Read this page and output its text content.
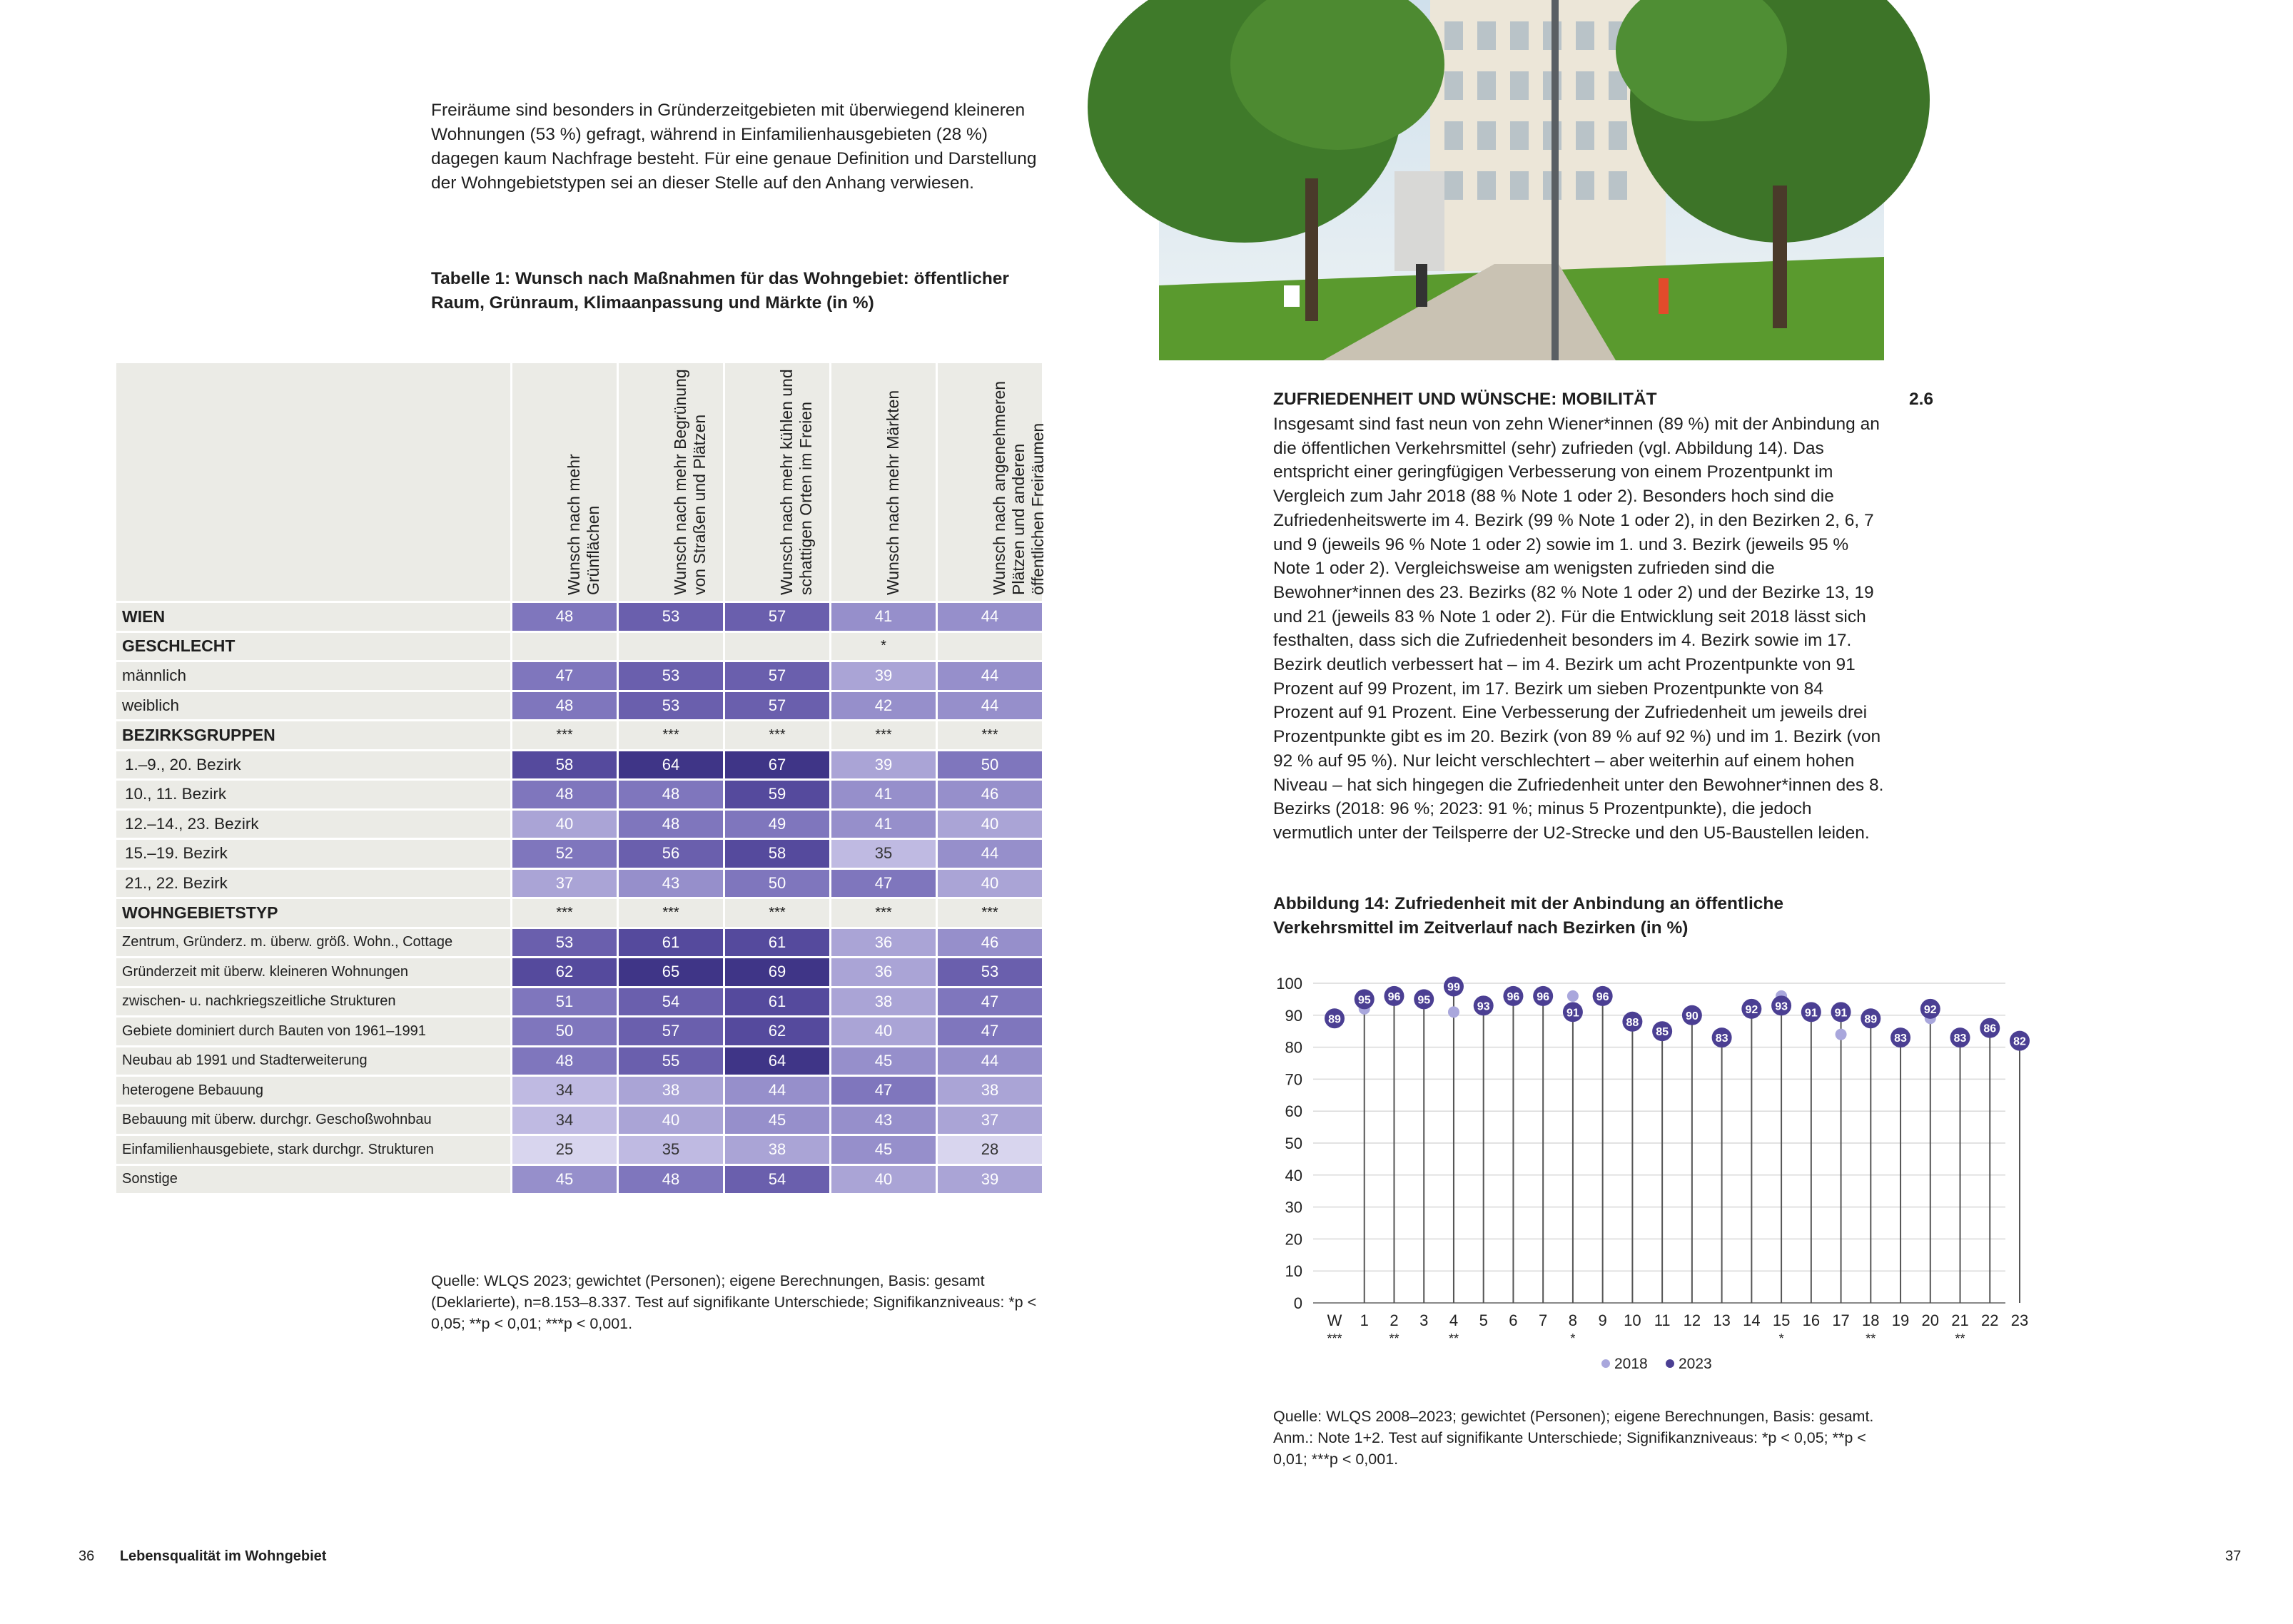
Freiräume sind besonders in Gründerzeitgebieten mit überwiegend kleineren Wohnungen (53 %) gefragt, während in Einfamilienhausgebieten (28 %) dagegen kaum Nachfrage besteht. Für eine genaue Definition und Darstellung der Wohngebietstypen sei an dieser Stelle auf den Anhang verwiesen.
Tabelle 1: Wunsch nach Maßnahmen für das Wohngebiet: öffentlicher Raum, Grünraum, Klimaanpassung und Märkte (in %)

	Wunsch nach mehr Grünflächen	Wunsch nach mehr Begrünung von Straßen und Plätzen	Wunsch nach mehr kühlen und schattigen Orten im Freien	Wunsch nach mehr Märkten	Wunsch nach angenehmeren Plätzen und anderen öffentlichen Freiräumen

WIEN	48	53	57	41	44
GESCHLECHT				*	
männlich	47	53	57	39	44
weiblich	48	53	57	42	44
BEZIRKSGRUPPEN	***	***	***	***	***
1.–9., 20. Bezirk	58	64	67	39	50
10., 11. Bezirk	48	48	59	41	46
12.–14., 23. Bezirk	40	48	49	41	40
15.–19. Bezirk	52	56	58	35	44
21., 22. Bezirk	37	43	50	47	40
WOHNGEBIETSTYP	***	***	***	***	***
Zentrum, Gründerz. m. überw. größ. Wohn., Cottage	53	61	61	36	46
Gründerzeit mit überw. kleineren Wohnungen	62	65	69	36	53
zwischen- u. nachkriegszeitliche Strukturen	51	54	61	38	47
Gebiete dominiert durch Bauten von 1961–1991	50	57	62	40	47
Neubau ab 1991 und Stadterweiterung	48	55	64	45	44
heterogene Bebauung	34	38	44	47	38
Bebauung mit überw. durchgr. Geschoßwohnbau	34	40	45	43	37
Einfamilienhausgebiete, stark durchgr. Strukturen	25	35	38	45	28
Sonstige	45	48	54	40	39
Quelle: WLQS 2023; gewichtet (Personen); eigene Berechnungen, Basis: gesamt (Deklarierte), n=8.153–8.337. Test auf signifikante Unterschiede; Signifikanzniveaus: *p < 0,05; **p < 0,01; ***p < 0,001.
ZUFRIEDENHEIT UND WÜNSCHE: MOBILITÄT	2.6
Insgesamt sind fast neun von zehn Wiener*innen (89 %) mit der Anbindung an die öffentlichen Verkehrsmittel (sehr) zufrieden (vgl. Abbildung 14). Das entspricht einer geringfügigen Verbesserung von einem Prozentpunkt im Vergleich zum Jahr 2018 (88 % Note 1 oder 2). Besonders hoch sind die Zufriedenheitswerte im 4. Bezirk (99 % Note 1 oder 2), in den Bezirken 2, 6, 7 und 9 (jeweils 96 % Note 1 oder 2) sowie im 1. und 3. Bezirk (jeweils 95 % Note 1 oder 2). Vergleichsweise am wenigsten zufrieden sind die Bewohner*innen des 23. Bezirks (82 % Note 1 oder 2) und der Bezirke 13, 19 und 21 (jeweils 83 % Note 1 oder 2). Für die Entwicklung seit 2018 lässt sich festhalten, dass sich die Zufriedenheit besonders im 4. Bezirk sowie im 17. Bezirk deutlich verbessert hat – im 4. Bezirk um acht Prozentpunkte von 91 Prozent auf 99 Prozent, im 17. Bezirk um sieben Prozentpunkte von 84 Prozent auf 91 Prozent. Eine Verbesserung der Zufriedenheit um jeweils drei Prozentpunkte gibt es im 20. Bezirk (von 89 % auf 92 %) und im 1. Bezirk (von 92 % auf 95 %). Nur leicht verschlechtert – aber weiterhin auf einem hohen Niveau – hat sich hingegen die Zufriedenheit unter den Bewohner*innen des 8. Bezirks (2018: 96 %; 2023: 91 %; minus 5 Prozentpunkte), die jedoch vermutlich unter der Teilsperre der U2-Strecke und den U5-Baustellen leiden.
Abbildung 14: Zufriedenheit mit der Anbindung an öffentliche Verkehrsmittel im Zeitverlauf nach Bezirken (in %)
0
10
20
30
40
50
60
70
80
90
100
89
W
***
95
1
96
2
**
95
3
99
4
**
93
5
96
6
96
7
91
8
*
96
9
88
10
85
11
90
12
83
13
92
14
93
15
*
91
16
91
17
89
18
**
83
19
92
20
83
21
**
86
22
82
23
2018 2023
Quelle: WLQS 2008–2023; gewichtet (Personen); eigene Berechnungen, Basis: gesamt. Anm.: Note 1+2. Test auf signifikante Unterschiede; Signifikanzniveaus: *p < 0,05; **p < 0,01; ***p < 0,001.
36 Lebensqualität im Wohngebiet	37
